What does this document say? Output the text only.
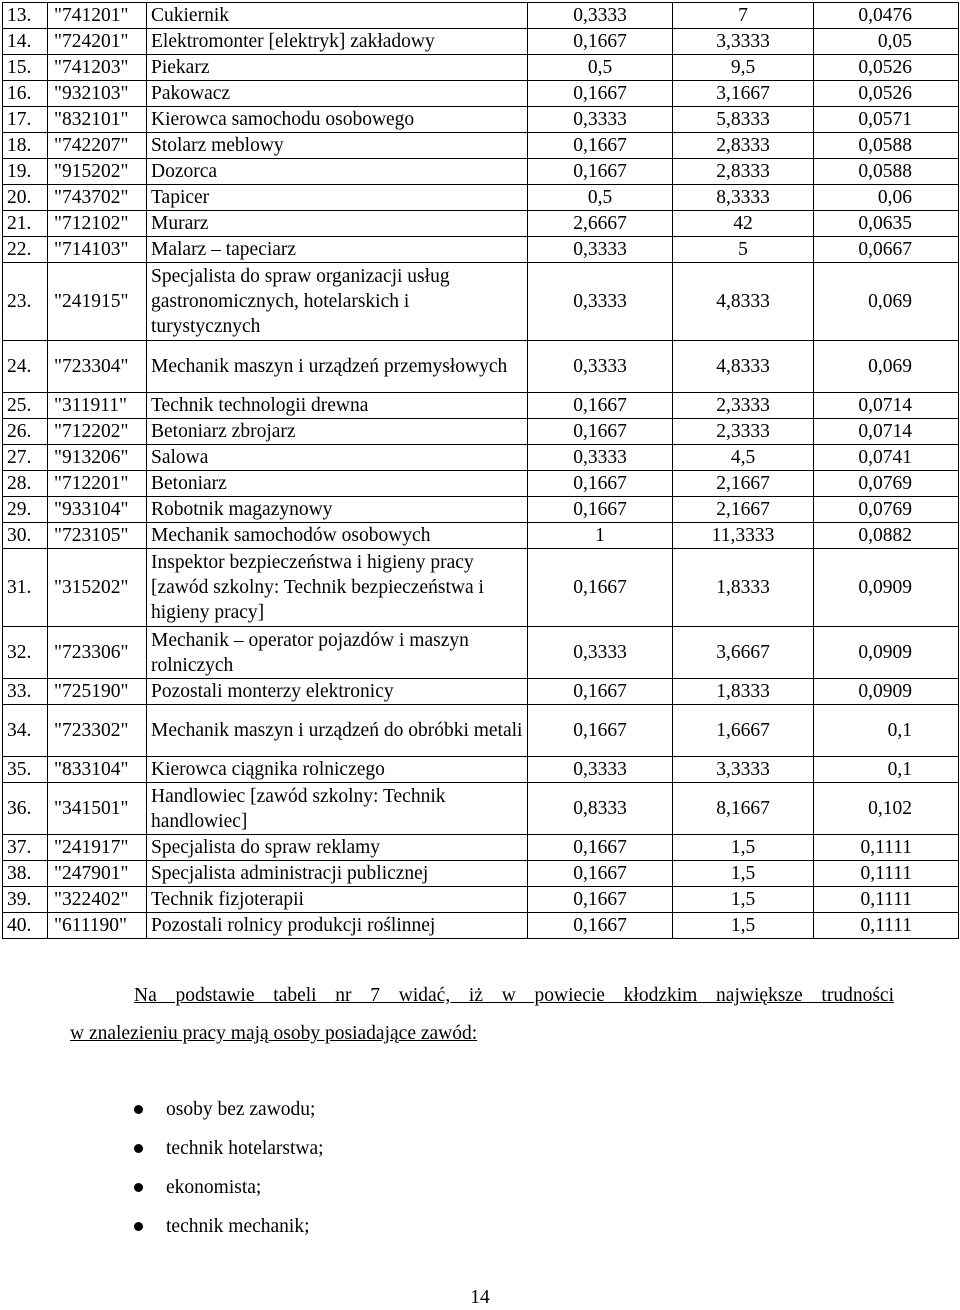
13.	"741201"	Cukiernik	0,3333	7	0,0476
14.	"724201"	Elektromonter [elektryk] zakładowy	0,1667	3,3333	0,05
15.	"741203"	Piekarz	0,5	9,5	0,0526
16.	"932103"	Pakowacz	0,1667	3,1667	0,0526
17.	"832101"	Kierowca samochodu osobowego	0,3333	5,8333	0,0571
18.	"742207"	Stolarz meblowy	0,1667	2,8333	0,0588
19.	"915202"	Dozorca	0,1667	2,8333	0,0588
20.	"743702"	Tapicer	0,5	8,3333	0,06
21.	"712102"	Murarz	2,6667	42	0,0635
22.	"714103"	Malarz – tapeciarz	0,3333	5	0,0667
23.	"241915"	Specjalista do spraw organizacji usług gastronomicznych, hotelarskich i turystycznych	0,3333	4,8333	0,069
24.	"723304"	Mechanik maszyn i urządzeń przemysłowych	0,3333	4,8333	0,069
25.	"311911"	Technik technologii drewna	0,1667	2,3333	0,0714
26.	"712202"	Betoniarz zbrojarz	0,1667	2,3333	0,0714
27.	"913206"	Salowa	0,3333	4,5	0,0741
28.	"712201"	Betoniarz	0,1667	2,1667	0,0769
29.	"933104"	Robotnik magazynowy	0,1667	2,1667	0,0769
30.	"723105"	Mechanik samochodów osobowych	1	11,3333	0,0882
31.	"315202"	Inspektor bezpieczeństwa i higieny pracy [zawód szkolny: Technik bezpieczeństwa i higieny pracy]	0,1667	1,8333	0,0909
32.	"723306"	Mechanik – operator pojazdów i maszyn rolniczych	0,3333	3,6667	0,0909
33.	"725190"	Pozostali monterzy elektronicy	0,1667	1,8333	0,0909
34.	"723302"	Mechanik maszyn i urządzeń do obróbki metali	0,1667	1,6667	0,1
35.	"833104"	Kierowca ciągnika rolniczego	0,3333	3,3333	0,1
36.	"341501"	Handlowiec [zawód szkolny: Technik handlowiec]	0,8333	8,1667	0,102
37.	"241917"	Specjalista do spraw reklamy	0,1667	1,5	0,1111
38.	"247901"	Specjalista administracji publicznej	0,1667	1,5	0,1111
39.	"322402"	Technik fizjoterapii	0,1667	1,5	0,1111
40.	"611190"	Pozostali rolnicy produkcji roślinnej	0,1667	1,5	0,1111
Na podstawie tabeli nr 7 widać, iż w powiecie kłodzkim największe trudności
w znalezieniu pracy mają osoby posiadające zawód:
osoby bez zawodu;
technik hotelarstwa;
ekonomista;
technik mechanik;
14
